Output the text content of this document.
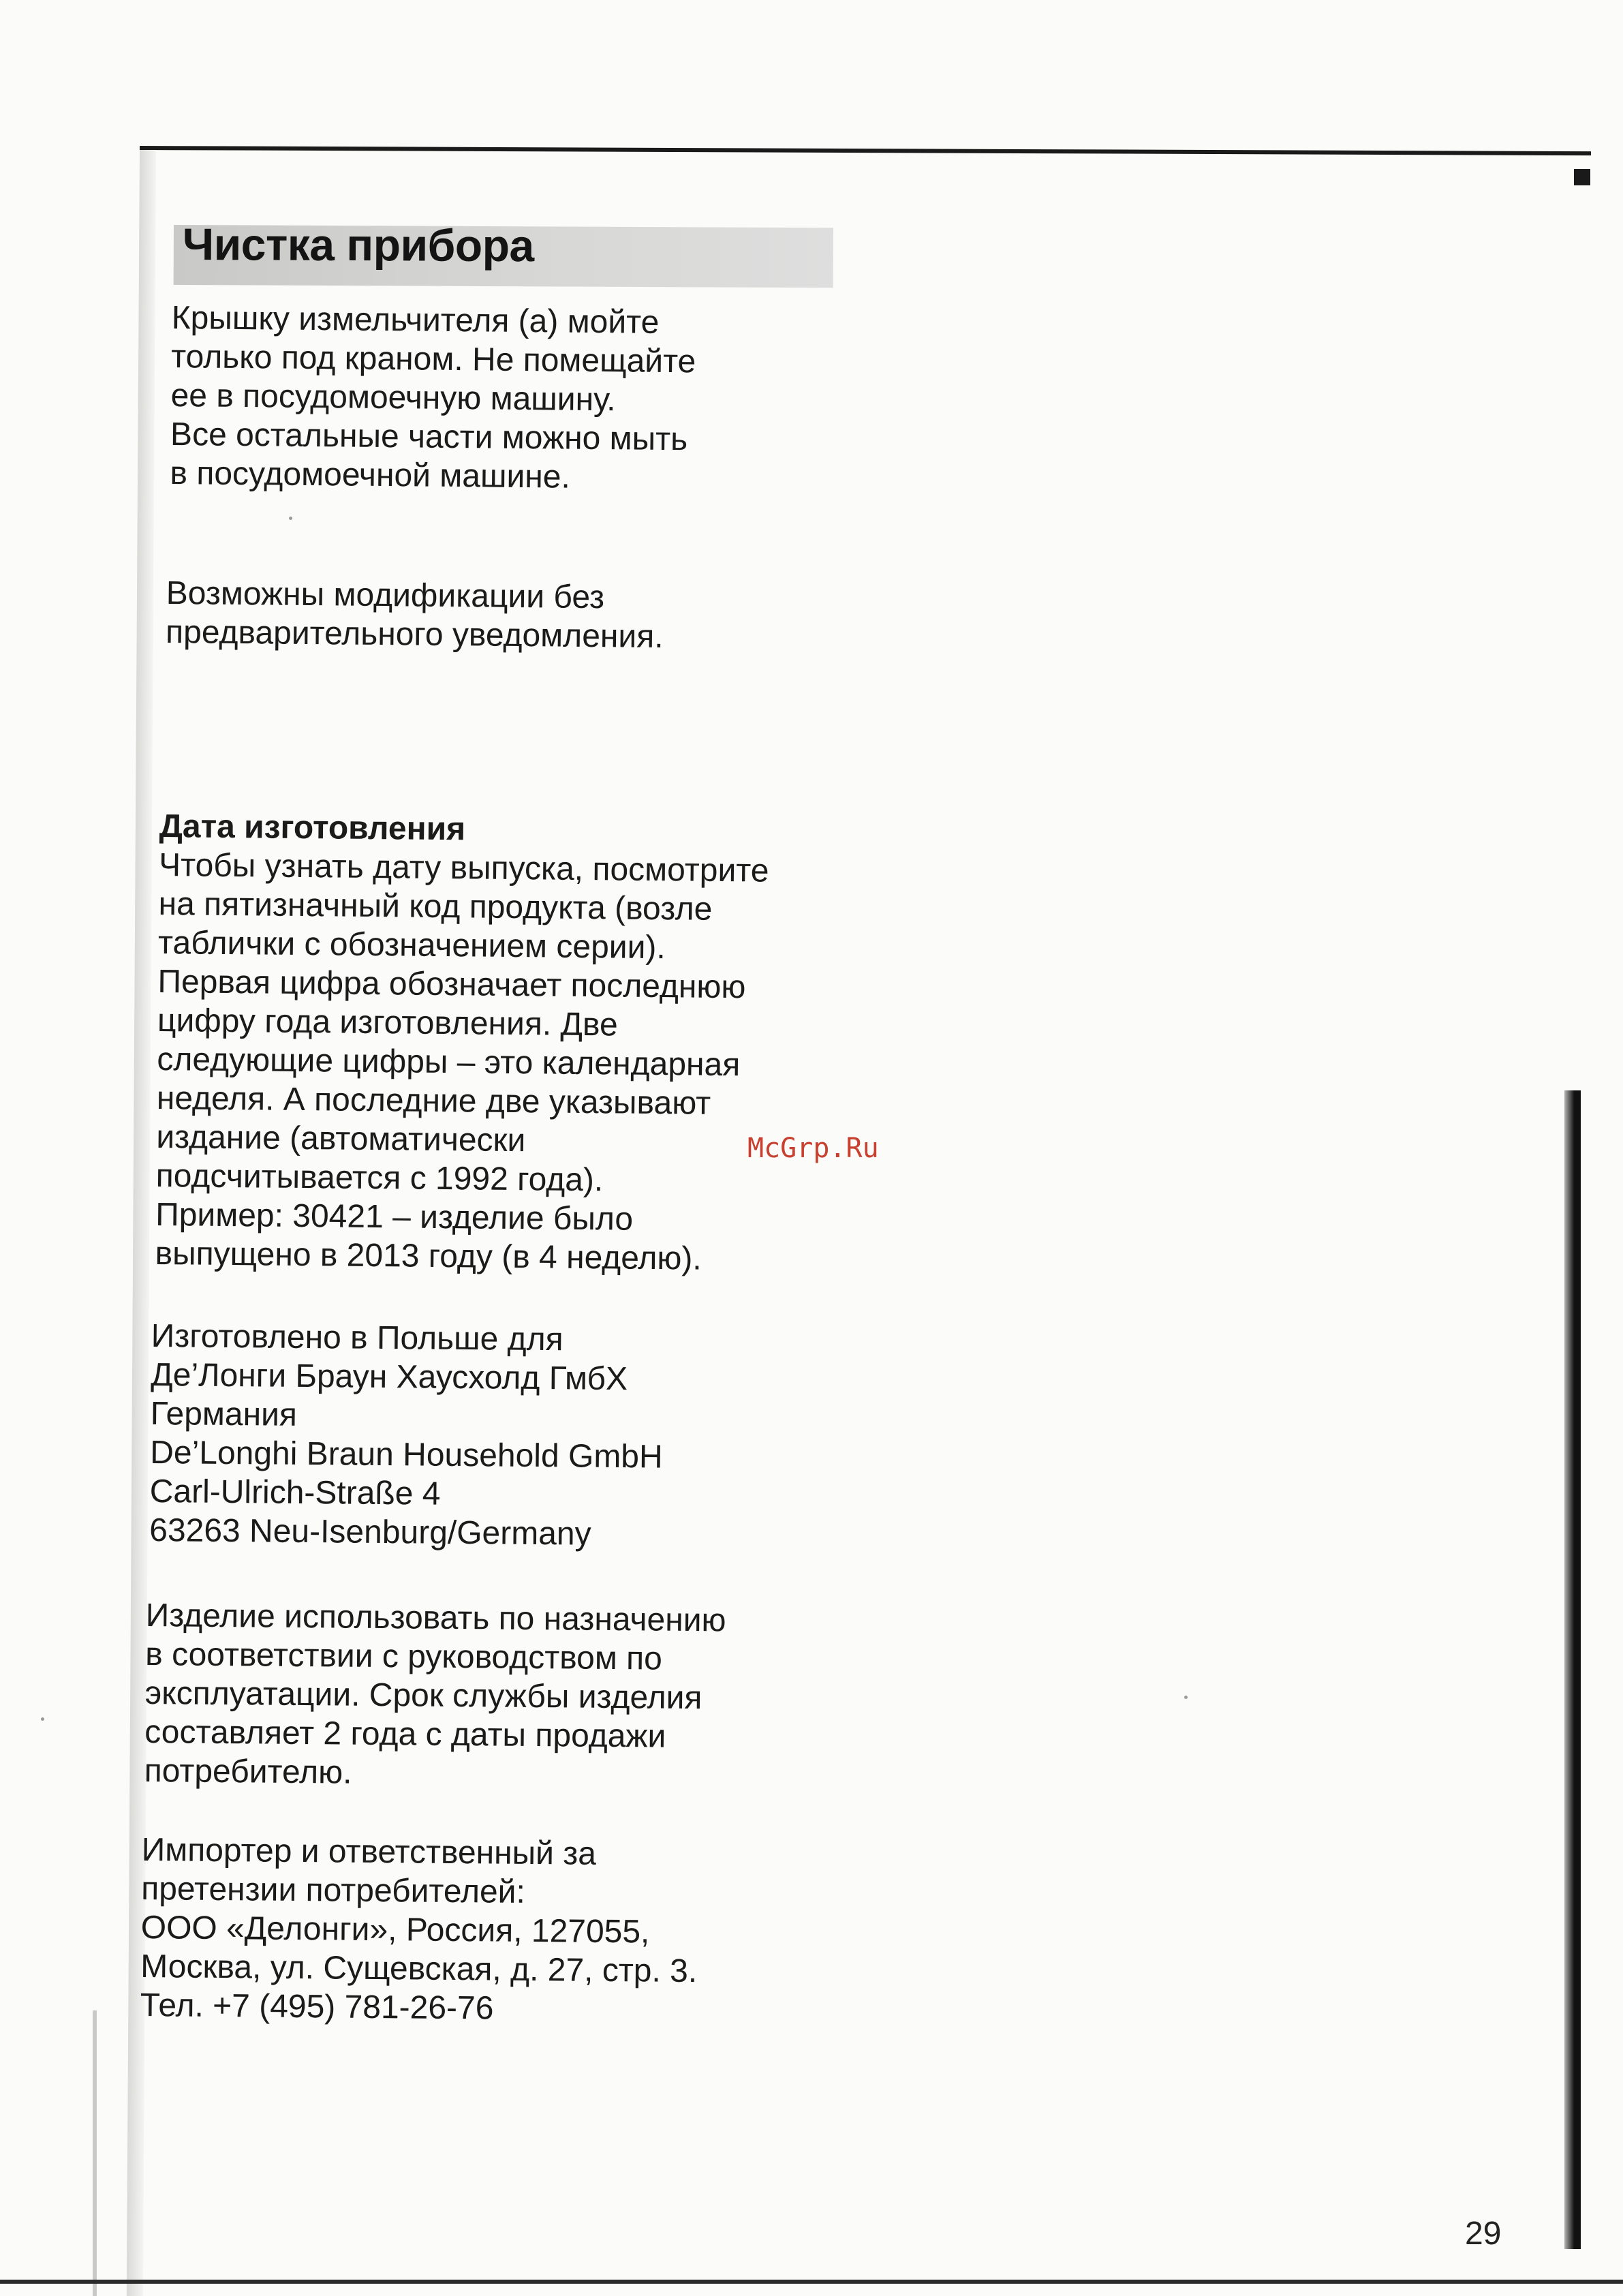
Чистка прибора
Крышку измельчителя (а) мойте
только под краном. Не помещайте
ее в посудомоечную машину.
Все остальные части можно мыть
в посудомоечной машине.
Возможны модификации без
предварительного уведомления.
Дата изготовления
Чтобы узнать дату выпуска, посмотрите
на пятизначный код продукта (возле
таблички с обозначением серии).
Первая цифра обозначает последнюю
цифру года изготовления. Две
следующие цифры – это календарная
неделя. А последние две указывают
издание (автоматически
подсчитывается с 1992 года).
Пример: 30421 – изделие было
выпущено в 2013 году (в 4 неделю).
Изготовлено в Польше для
Де’Лонги Браун Хаусхолд ГмбХ
Германия
De’Longhi Braun Household GmbH
Carl-Ulrich-Straße 4
63263 Neu-Isenburg/Germany
Изделие использовать по назначению
в соответствии с руководством по
эксплуатации. Срок службы изделия
составляет 2 года с даты продажи
потребителю.
Импортер и ответственный за
претензии потребителей:
ООО «Делонги», Россия, 127055,
Москва, ул. Сущевская, д. 27, стр. 3.
Тел. +7 (495) 781-26-76
McGrp.Ru
29
